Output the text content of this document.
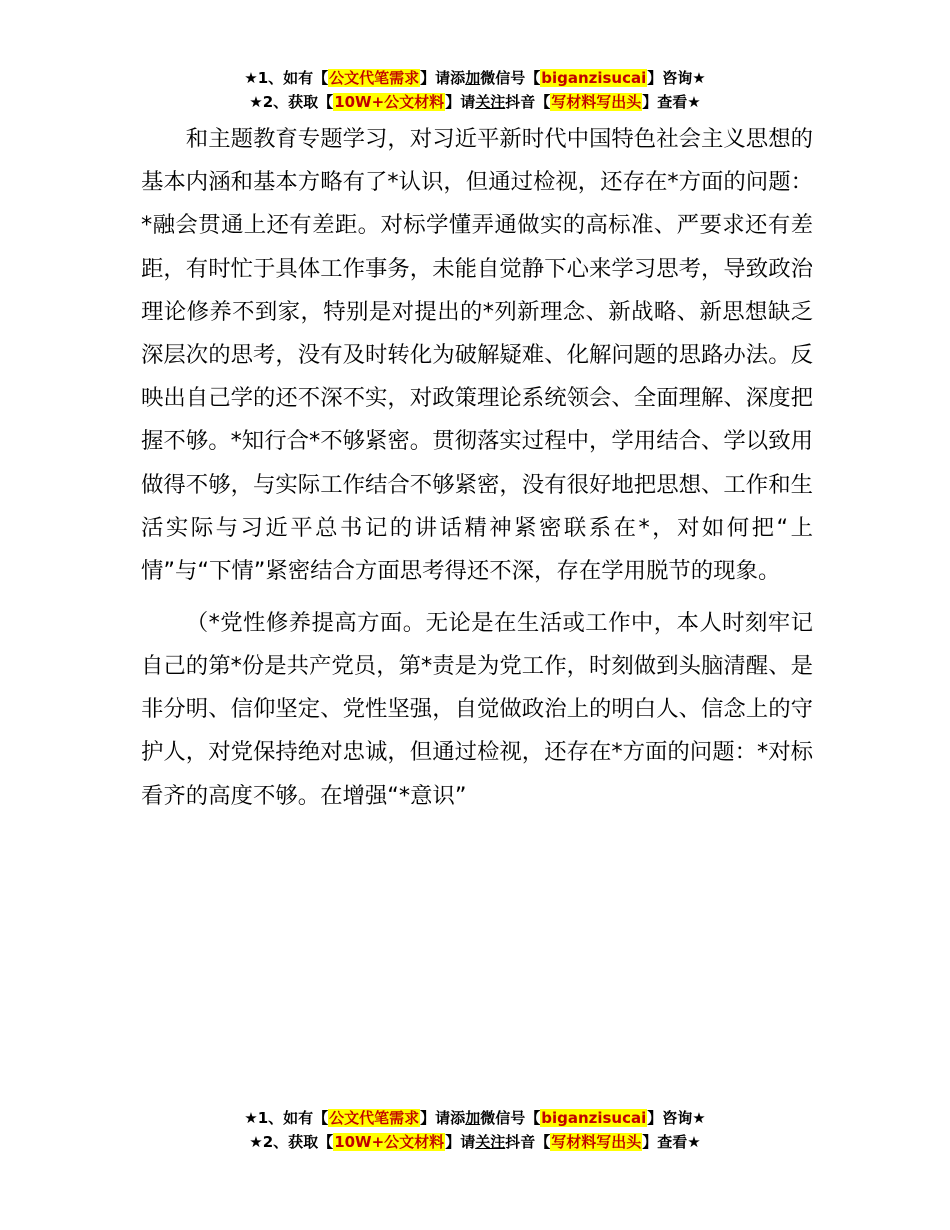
★1、如有【公文代笔需求】请添加微信号【biganzisucai】咨询★
★2、获取【10W+公文材料】请关注抖音【写材料写出头】查看★

和主题教育专题学习，对习近平新时代中国特色社会主义思想的基本内涵和基本方略有了*认识，但通过检视，还存在*方面的问题：*融会贯通上还有差距。对标学懂弄通做实的高标准、严要求还有差距，有时忙于具体工作事务，未能自觉静下心来学习思考，导致政治理论修养不到家，特别是对提出的*列新理念、新战略、新思想缺乏深层次的思考，没有及时转化为破解疑难、化解问题的思路办法。反映出自己学的还不深不实，对政策理论系统领会、全面理解、深度把握不够。*知行合*不够紧密。贯彻落实过程中，学用结合、学以致用做得不够，与实际工作结合不够紧密，没有很好地把思想、工作和生活实际与习近平总书记的讲话精神紧密联系在*，对如何把“上情”与“下情”紧密结合方面思考得还不深，存在学用脱节的现象。

（*党性修养提高方面。无论是在生活或工作中，本人时刻牢记自己的第*份是共产党员，第*责是为党工作，时刻做到头脑清醒、是非分明、信仰坚定、党性坚强，自觉做政治上的明白人、信念上的守护人，对党保持绝对忠诚，但通过检视，还存在*方面的问题：*对标看齐的高度不够。在增强“*意识”

★1、如有【公文代笔需求】请添加微信号【biganzisucai】咨询★
★2、获取【10W+公文材料】请关注抖音【写材料写出头】查看★
